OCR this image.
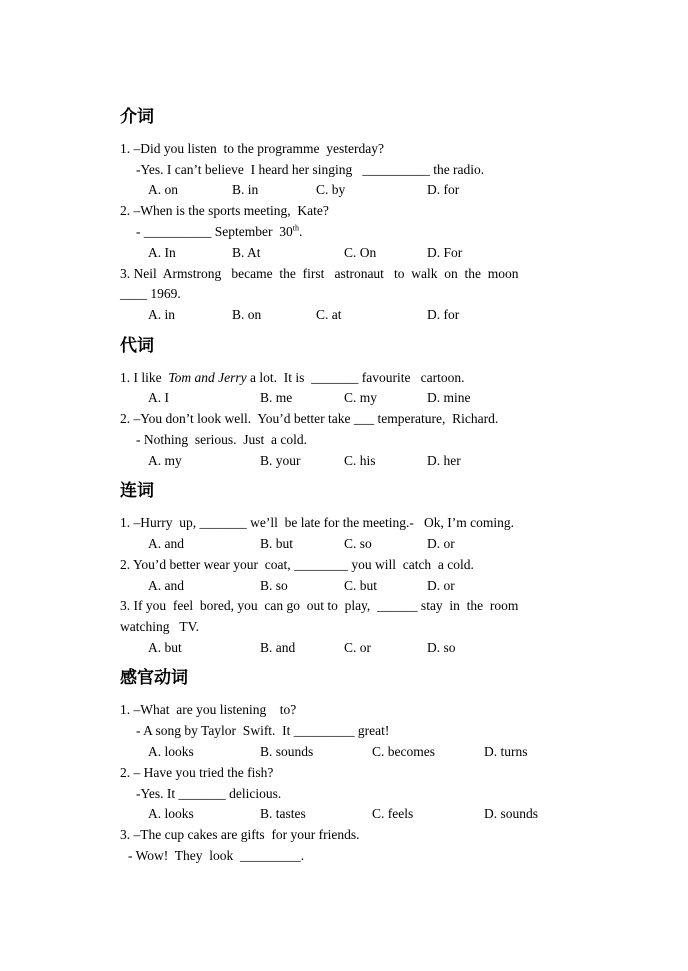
介词
1. –Did you listen  to the programme  yesterday?
-Yes. I can’t believe  I heard her singing   __________ the radio.
A. on	B. in	C. by	D. for
2. –When is the sports meeting,  Kate?
- __________ September  30th.
A. In	B. At	C. On	D. For
3. Neil  Armstrong   became  the  first   astronaut   to  walk  on  the  moon
____ 1969.
A. in	B. on	C. at	D. for
代词
1. I like  Tom and Jerry a lot.  It is  _______ favourite   cartoon.
A. I	B. me	C. my	D. mine
2. –You don’t look well.  You’d better take ___ temperature,  Richard.
- Nothing  serious.  Just  a cold.
A. my	B. your	C. his	D. her
连词
1. –Hurry  up, _______ we’ll  be late for the meeting.-   Ok, I’m coming.
A. and	B. but	C. so	D. or
2. You’d better wear your  coat, ________ you will  catch  a cold.
A. and	B. so	C. but	D. or
3. If you  feel  bored, you  can go  out to  play,  ______ stay  in  the  room
watching   TV.
A. but	B. and	C. or	D. so
感官动词
1. –What  are you listening    to?
- A song by Taylor  Swift.  It _________ great!
A. looks	B. sounds	C. becomes	D. turns
2. – Have you tried the fish?
-Yes. It _______ delicious.
A. looks	B. tastes	C. feels	D. sounds
3. –The cup cakes are gifts  for your friends.
- Wow!  They  look  _________.
